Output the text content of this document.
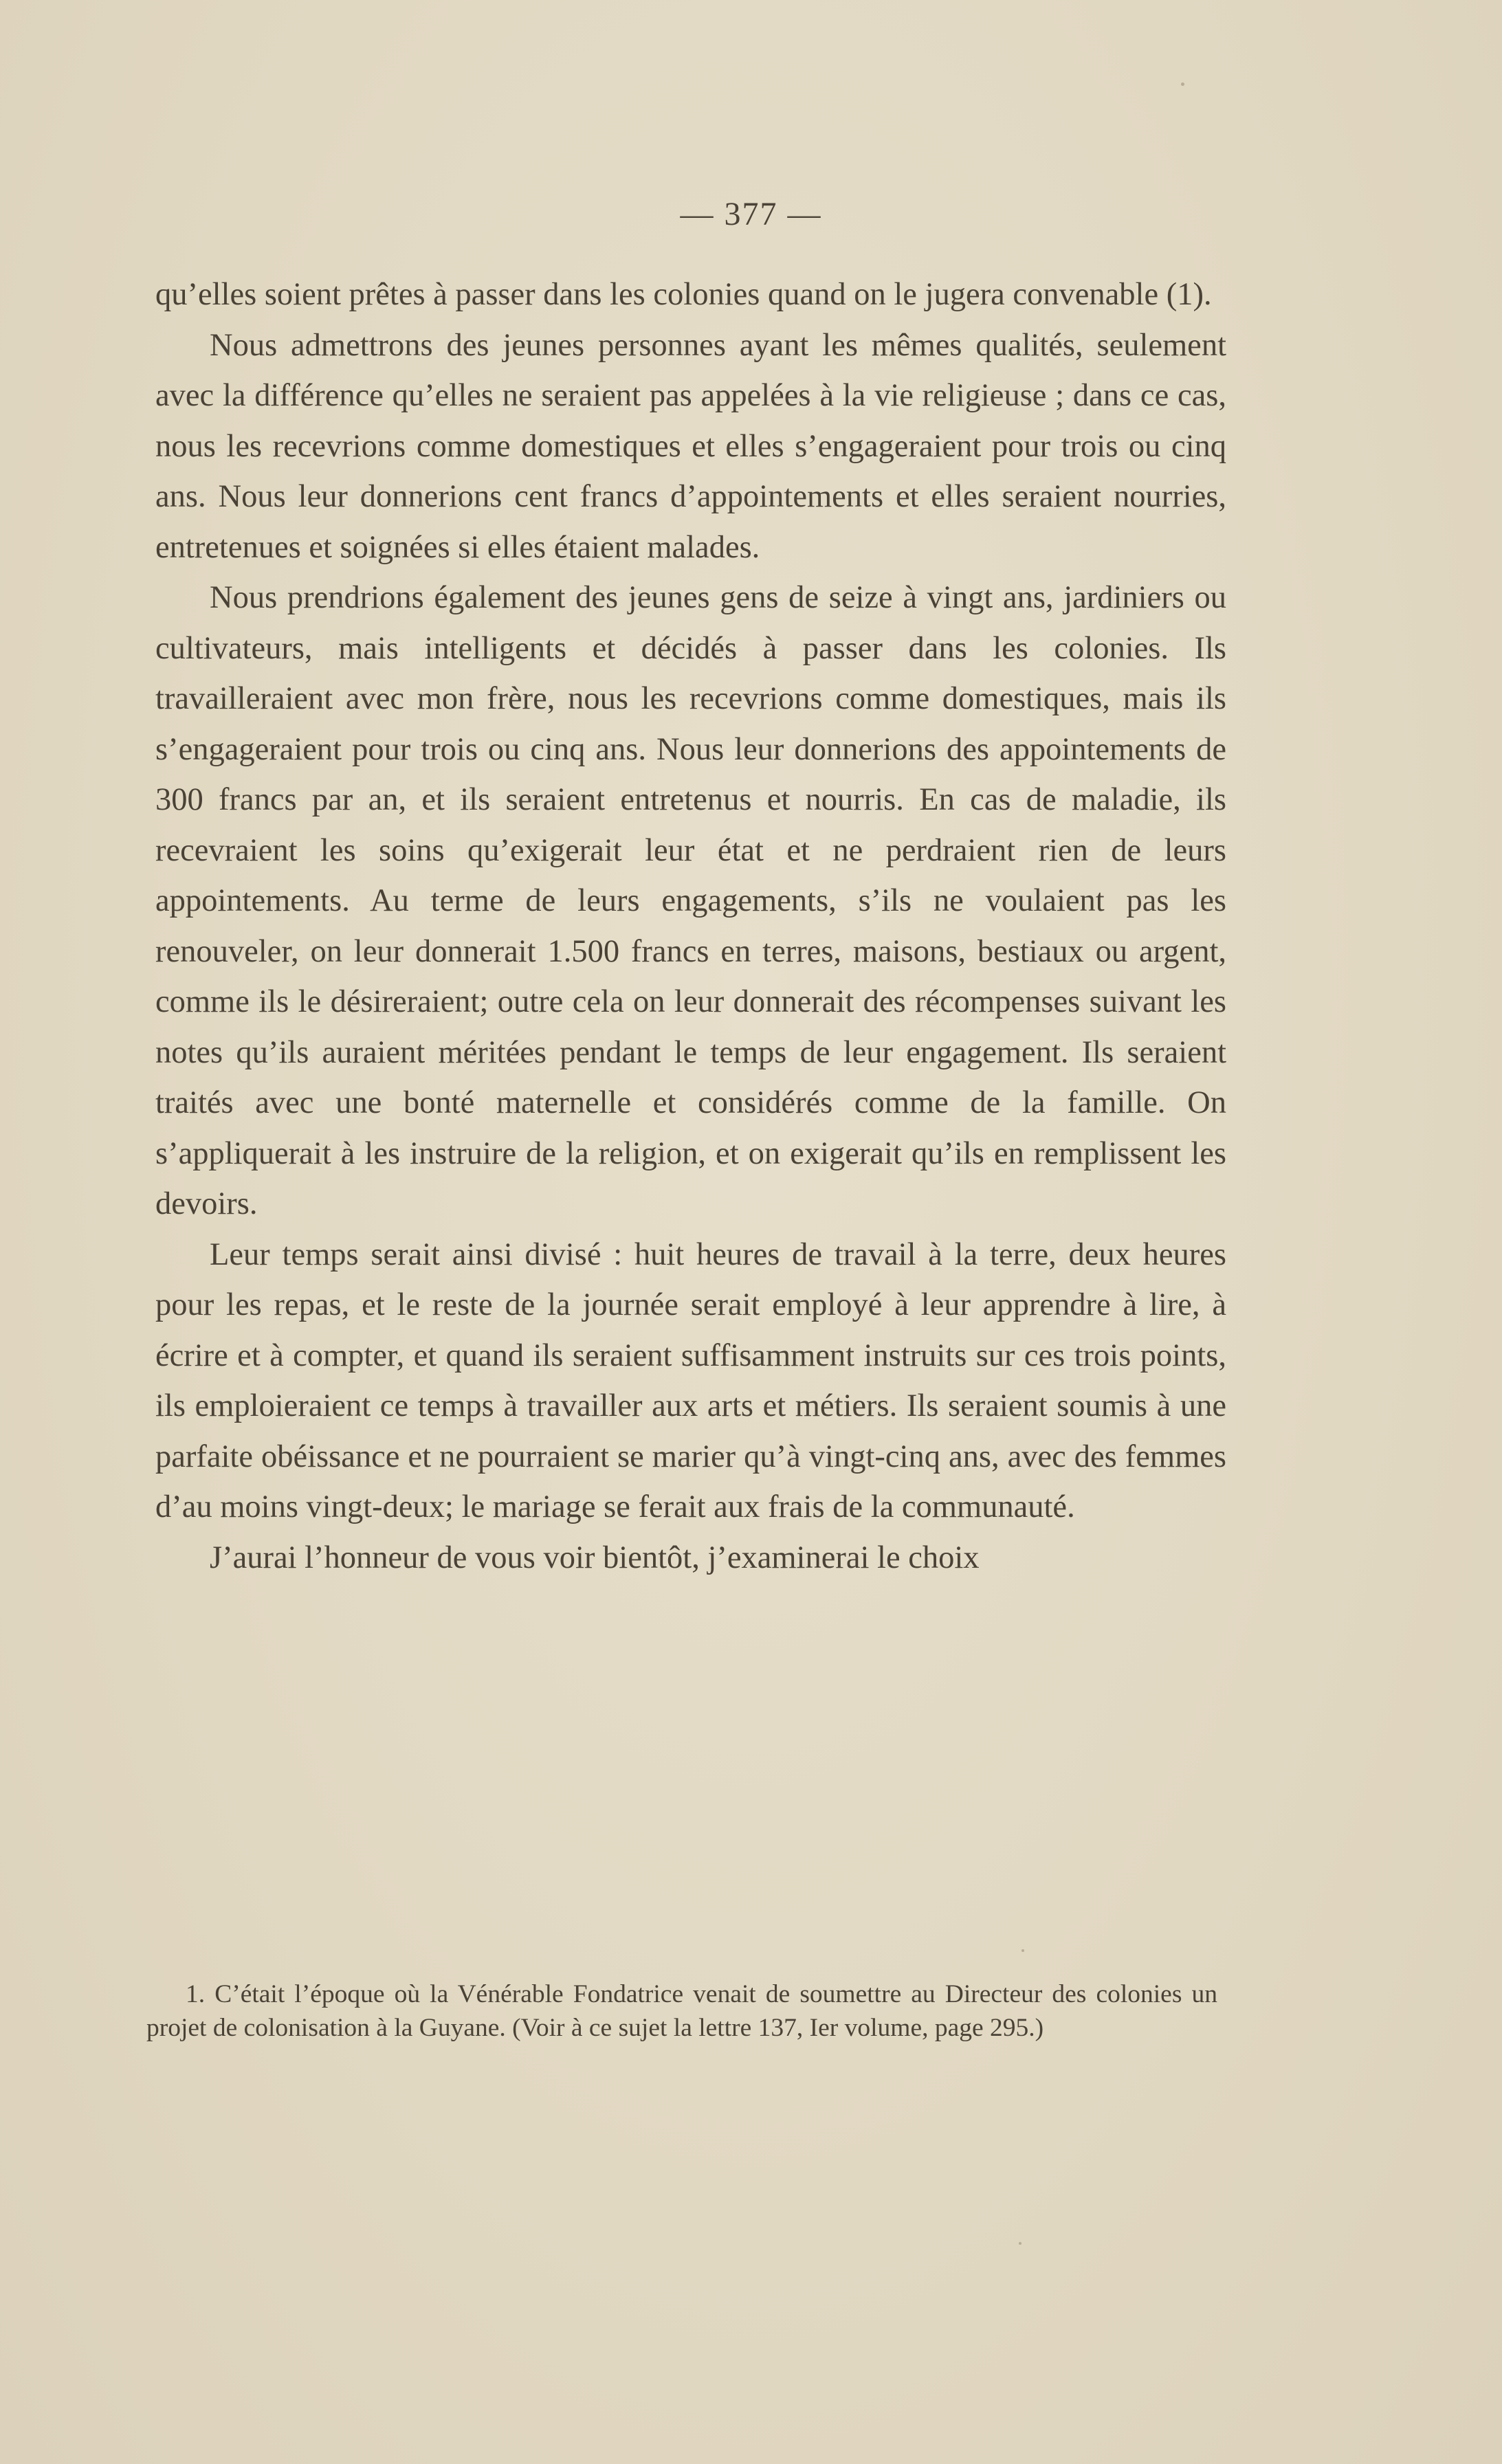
— 377 —

qu’elles soient prêtes à passer dans les colonies quand on le jugera convenable (1).

Nous admettrons des jeunes personnes ayant les mêmes qualités, seulement avec la différence qu’elles ne seraient pas appelées à la vie religieuse ; dans ce cas, nous les recevrions comme domestiques et elles s’engageraient pour trois ou cinq ans. Nous leur donnerions cent francs d’appointements et elles seraient nourries, entretenues et soignées si elles étaient malades.

Nous prendrions également des jeunes gens de seize à vingt ans, jardiniers ou cultivateurs, mais intelligents et décidés à passer dans les colonies. Ils travailleraient avec mon frère, nous les recevrions comme domestiques, mais ils s’engageraient pour trois ou cinq ans. Nous leur donnerions des appointements de 300 francs par an, et ils seraient entretenus et nourris. En cas de maladie, ils recevraient les soins qu’exigerait leur état et ne perdraient rien de leurs appointements. Au terme de leurs engagements, s’ils ne voulaient pas les renouveler, on leur donnerait 1.500 francs en terres, maisons, bestiaux ou argent, comme ils le désireraient; outre cela on leur donnerait des récompenses suivant les notes qu’ils auraient méritées pendant le temps de leur engagement. Ils seraient traités avec une bonté maternelle et considérés comme de la famille. On s’appliquerait à les instruire de la religion, et on exigerait qu’ils en remplissent les devoirs.

Leur temps serait ainsi divisé : huit heures de travail à la terre, deux heures pour les repas, et le reste de la journée serait employé à leur apprendre à lire, à écrire et à compter, et quand ils seraient suffisamment instruits sur ces trois points, ils emploieraient ce temps à travailler aux arts et métiers. Ils seraient soumis à une parfaite obéissance et ne pourraient se marier qu’à vingt-cinq ans, avec des femmes d’au moins vingt-deux; le mariage se ferait aux frais de la communauté.

J’aurai l’honneur de vous voir bientôt, j’examinerai le choix

1. C’était l’époque où la Vénérable Fondatrice venait de soumettre au Directeur des colonies un projet de colonisation à la Guyane. (Voir à ce sujet la lettre 137, Ier volume, page 295.)
